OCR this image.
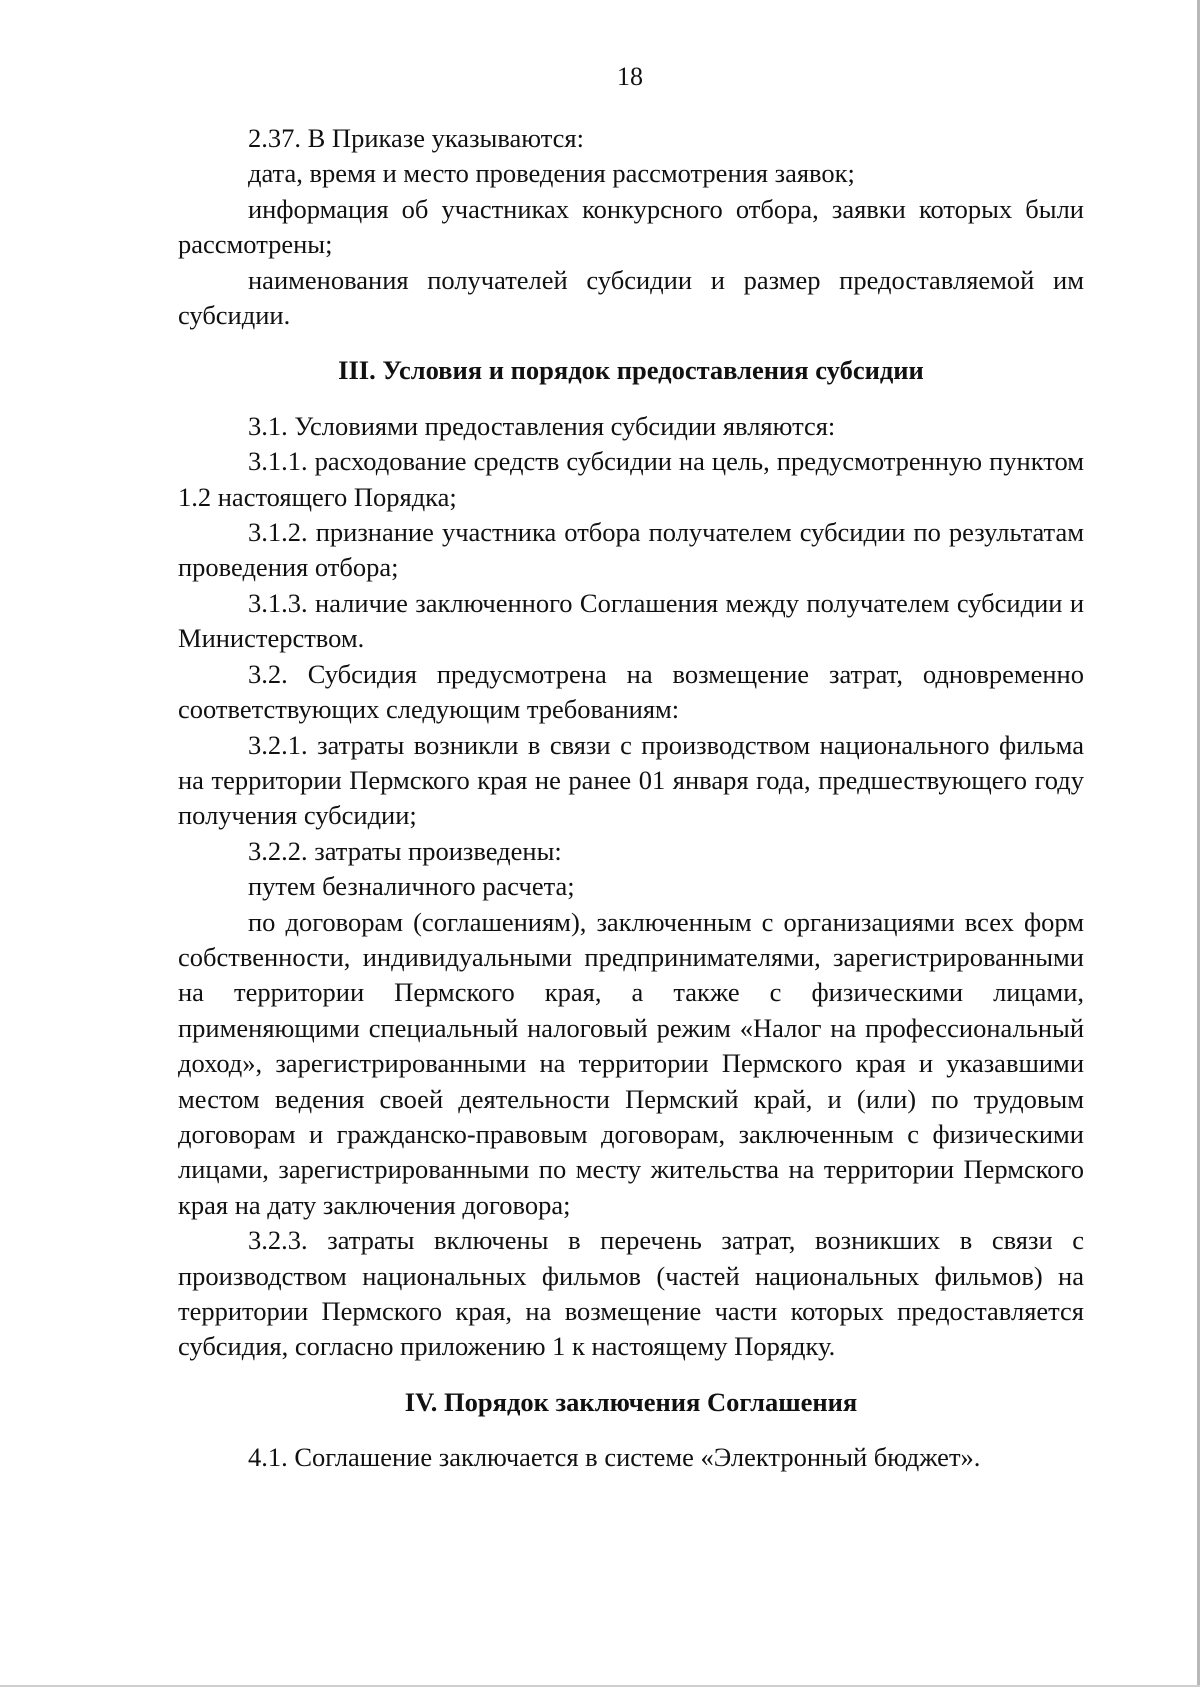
18

2.37. В Приказе указываются:

дата, время и место проведения рассмотрения заявок;

информация об участниках конкурсного отбора, заявки которых были рассмотрены;

наименования получателей субсидии и размер предоставляемой им субсидии.

III. Условия и порядок предоставления субсидии

3.1. Условиями предоставления субсидии являются:

3.1.1. расходование средств субсидии на цель, предусмотренную пунктом 1.2 настоящего Порядка;

3.1.2. признание участника отбора получателем субсидии по результатам проведения отбора;

3.1.3. наличие заключенного Соглашения между получателем субсидии и Министерством.

3.2. Субсидия предусмотрена на возмещение затрат, одновременно соответствующих следующим требованиям:

3.2.1. затраты возникли в связи с производством национального фильма на территории Пермского края не ранее 01 января года, предшествующего году получения субсидии;

3.2.2. затраты произведены:

путем безналичного расчета;

по договорам (соглашениям), заключенным с организациями всех форм собственности, индивидуальными предпринимателями, зарегистрированными на территории Пермского края, а также с физическими лицами, применяющими специальный налоговый режим «Налог на профессиональный доход», зарегистрированными на территории Пермского края и указавшими местом ведения своей деятельности Пермский край, и (или) по трудовым договорам и гражданско-правовым договорам, заключенным с физическими лицами, зарегистрированными по месту жительства на территории Пермского края на дату заключения договора;

3.2.3. затраты включены в перечень затрат, возникших в связи с производством национальных фильмов (частей национальных фильмов) на территории Пермского края, на возмещение части которых предоставляется субсидия, согласно приложению 1 к настоящему Порядку.

IV. Порядок заключения Соглашения

4.1. Соглашение заключается в системе «Электронный бюджет».
